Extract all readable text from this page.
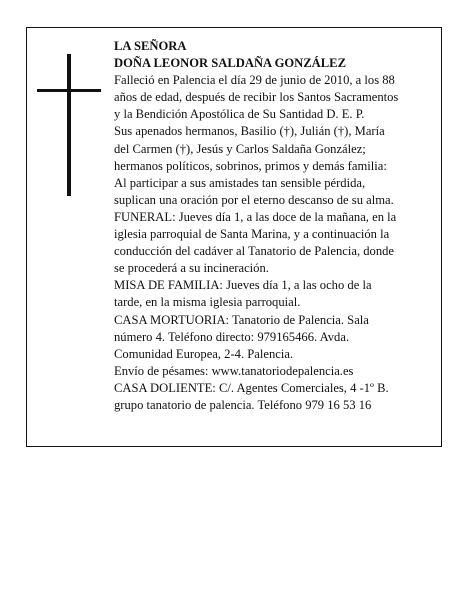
LA SEÑORA
DOÑA LEONOR SALDAÑA GONZÁLEZ

Falleció en Palencia el día 29 de junio de 2010, a los 88 años de edad, después de recibir los Santos Sacramentos y la Bendición Apostólica de Su Santidad D. E. P.

Sus apenados hermanos, Basilio (†), Julián (†), María del Carmen (†), Jesús y Carlos Saldaña González; hermanos políticos, sobrinos, primos y demás familia:

Al participar a sus amistades tan sensible pérdida, suplican una oración por el eterno descanso de su alma.

FUNERAL: Jueves día 1, a las doce de la mañana, en la iglesia parroquial de Santa Marina, y a continuación la conducción del cadáver al Tanatorio de Palencia, donde se procederá a su incineración.

MISA DE FAMILIA: Jueves día 1, a las ocho de la tarde, en la misma iglesia parroquial.

CASA MORTUORIA: Tanatorio de Palencia. Sala número 4. Teléfono directo: 979165466. Avda. Comunidad Europea, 2-4. Palencia.

Envío de pésames: www.tanatoriodepalencia.es

CASA DOLIENTE: C/. Agentes Comerciales, 4 -1º B. grupo tanatorio de palencia. Teléfono 979 16 53 16
